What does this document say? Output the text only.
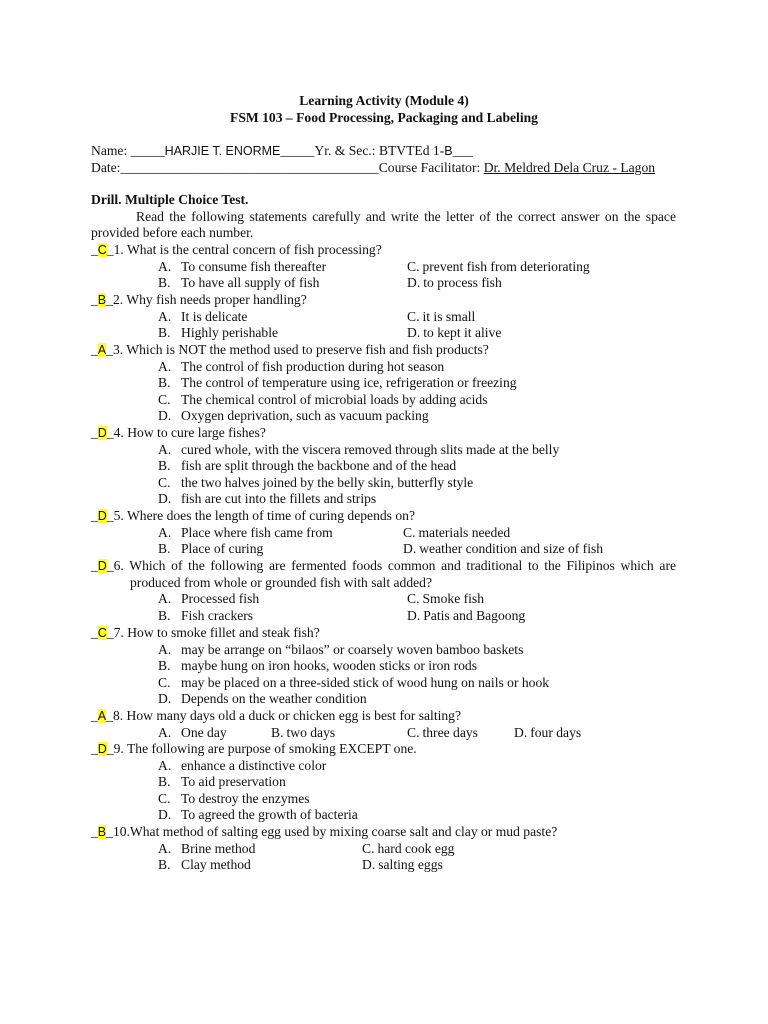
Learning Activity (Module 4)
FSM 103 – Food Processing, Packaging and Labeling
Name: _____HARJIE T. ENORME_____Yr. & Sec.: BTVTEd 1-B___
Date:______________________________________Course Facilitator: Dr. Meldred Dela Cruz - Lagon
Drill. Multiple Choice Test.
Read the following statements carefully and write the letter of the correct answer on the space
provided before each number.
_C_1. What is the central concern of fish processing?
A. To consume fish thereafter	C. prevent fish from deteriorating
B. To have all supply of fish	D. to process fish
_B_2. Why fish needs proper handling?
A. It is delicate	C. it is small
B. Highly perishable	D. to kept it alive
_A_3. Which is NOT the method used to preserve fish and fish products?
A. The control of fish production during hot season
B. The control of temperature using ice, refrigeration or freezing
C. The chemical control of microbial loads by adding acids
D. Oxygen deprivation, such as vacuum packing
_D_4. How to cure large fishes?
A. cured whole, with the viscera removed through slits made at the belly
B. fish are split through the backbone and of the head
C. the two halves joined by the belly skin, butterfly style
D. fish are cut into the fillets and strips
_D_5. Where does the length of time of curing depends on?
A. Place where fish came from	C. materials needed
B. Place of curing	D. weather condition and size of fish
_D_6. Which of the following are fermented foods common and traditional to the Filipinos which are
produced from whole or grounded fish with salt added?
A. Processed fish	C. Smoke fish
B. Fish crackers	D. Patis and Bagoong
_C_7. How to smoke fillet and steak fish?
A. may be arrange on “bilaos” or coarsely woven bamboo baskets
B. maybe hung on iron hooks, wooden sticks or iron rods
C. may be placed on a three-sided stick of wood hung on nails or hook
D. Depends on the weather condition
_A_8. How many days old a duck or chicken egg is best for salting?
A. One day	B. two days	C. three days	D. four days
_D_9. The following are purpose of smoking EXCEPT one.
A. enhance a distinctive color
B. To aid preservation
C. To destroy the enzymes
D. To agreed the growth of bacteria
_B_10.What method of salting egg used by mixing coarse salt and clay or mud paste?
A. Brine method	C. hard cook egg
B. Clay method	D. salting eggs
